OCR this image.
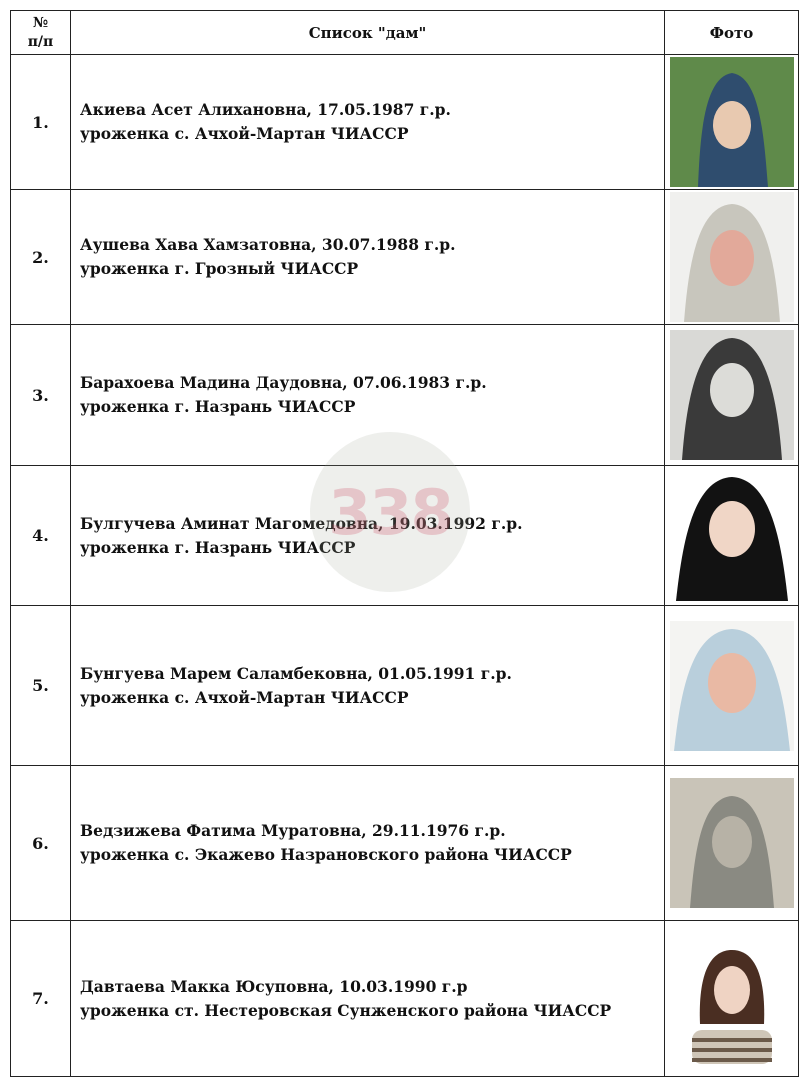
№
п/п	Список "дам"	Фото
1.	Акиева Асет Алихановна, 17.05.1987 г.р.
уроженка с. Ачхой-Мартан ЧИАССР

2.	Аушева Хава Хамзатовна, 30.07.1988 г.р.
уроженка г. Грозный ЧИАССР

3.	Барахоева Мадина Даудовна, 07.06.1983 г.р.
уроженка г. Назрань ЧИАССР

4.	Булгучева Аминат Магомедовна, 19.03.1992 г.р.
уроженка г. Назрань ЧИАССР

5.	Бунгуева Марем Саламбековна, 01.05.1991 г.р.
уроженка с. Ачхой-Мартан ЧИАССР

6.	Ведзижева Фатима Муратовна, 29.11.1976 г.р.
уроженка с. Экажево Назрановского района ЧИАССР

7.	Давтаева Макка Юсуповна, 10.03.1990 г.р
уроженка ст. Нестеровская Сунженского района ЧИАССР

338
